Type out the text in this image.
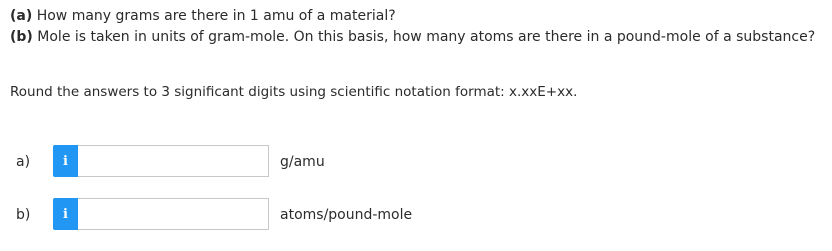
(a) How many grams are there in 1 amu of a material?
(b) Mole is taken in units of gram-mole. On this basis, how many atoms are there in a pound-mole of a substance?
Round the answers to 3 significant digits using scientific notation format: x.xxE+xx.
a)	i	g/amu
b)	i	atoms/pound-mole
